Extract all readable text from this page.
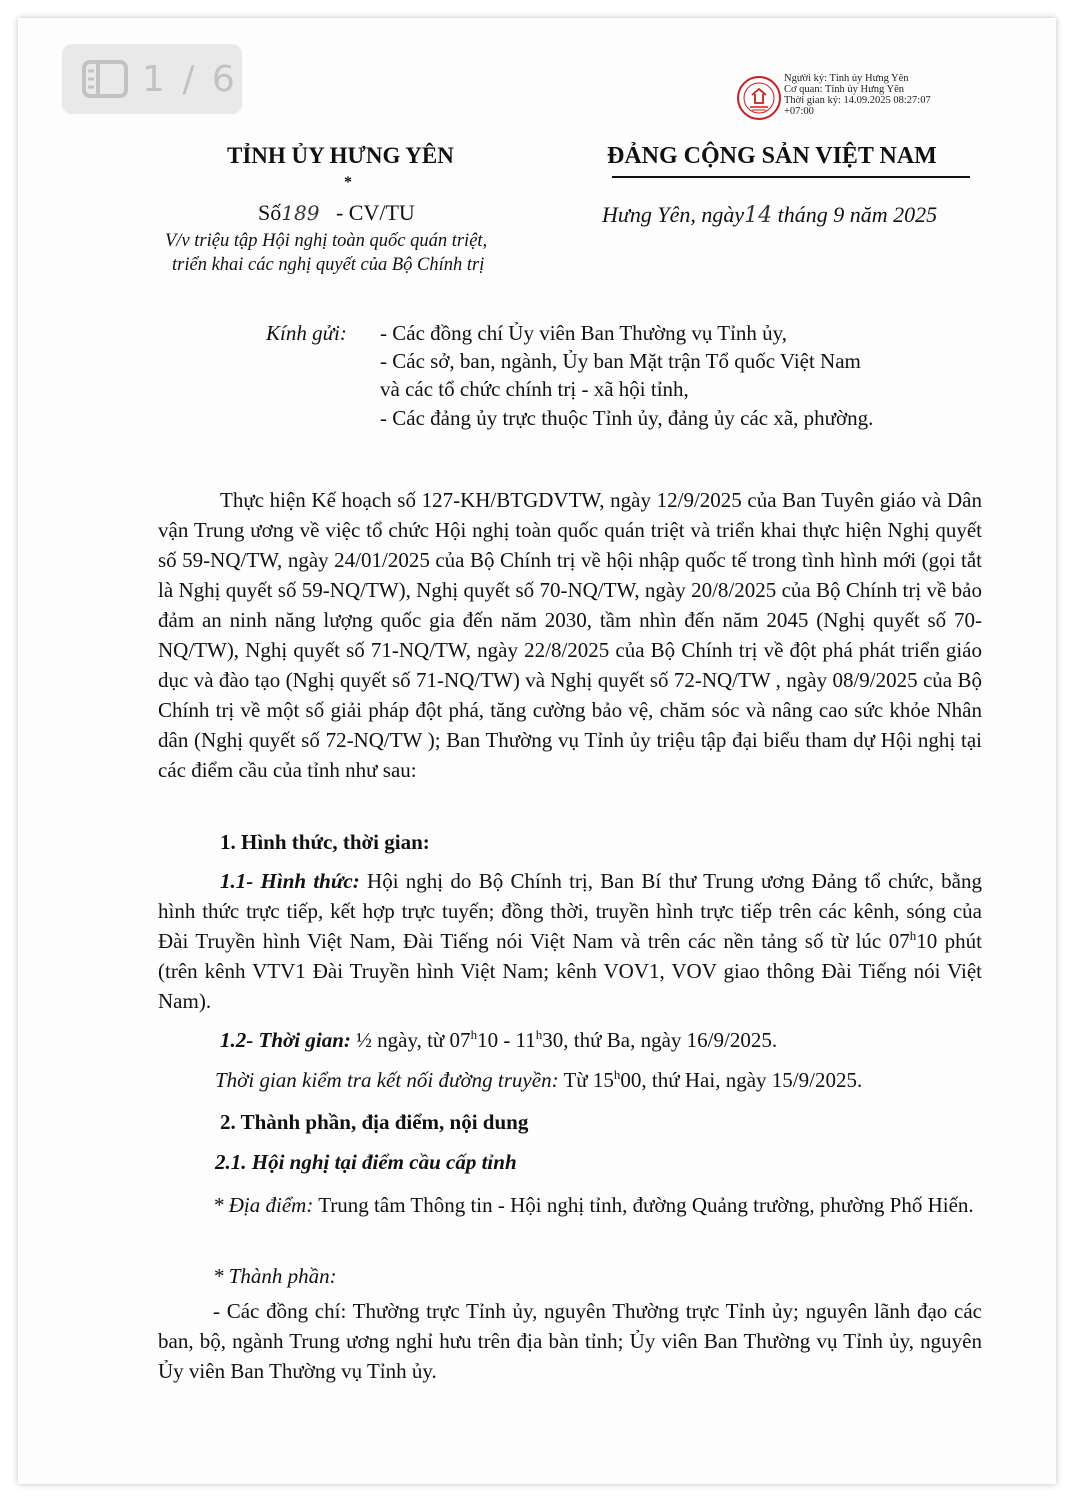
1 / 6	Người ký: Tỉnh ủy Hưng Yên
Cơ quan: Tỉnh ủy Hưng Yên
Thời gian ký: 14.09.2025 08:27:07
+07:00
TỈNH ỦY HƯNG YÊN
*
Số189 - CV/TU
V/v triệu tập Hội nghị toàn quốc quán triệt,
triển khai các nghị quyết của Bộ Chính trị
ĐẢNG CỘNG SẢN VIỆT NAM
Hưng Yên, ngày14 tháng 9 năm 2025
Kính gửi: - Các đồng chí Ủy viên Ban Thường vụ Tỉnh ủy,
- Các sở, ban, ngành, Ủy ban Mặt trận Tổ quốc Việt Nam
và các tổ chức chính trị - xã hội tỉnh,
- Các đảng ủy trực thuộc Tỉnh ủy, đảng ủy các xã, phường.
Thực hiện Kế hoạch số 127-KH/BTGDVTW, ngày 12/9/2025 của Ban Tuyên giáo và Dân vận Trung ương về việc tổ chức Hội nghị toàn quốc quán triệt và triển khai thực hiện Nghị quyết số 59-NQ/TW, ngày 24/01/2025 của Bộ Chính trị về hội nhập quốc tế trong tình hình mới (gọi tắt là Nghị quyết số 59-NQ/TW), Nghị quyết số 70-NQ/TW, ngày 20/8/2025 của Bộ Chính trị về bảo đảm an ninh năng lượng quốc gia đến năm 2030, tầm nhìn đến năm 2045 (Nghị quyết số 70-NQ/TW), Nghị quyết số 71-NQ/TW, ngày 22/8/2025 của Bộ Chính trị về đột phá phát triển giáo dục và đào tạo (Nghị quyết số 71-NQ/TW) và Nghị quyết số 72-NQ/TW , ngày 08/9/2025 của Bộ Chính trị về một số giải pháp đột phá, tăng cường bảo vệ, chăm sóc và nâng cao sức khỏe Nhân dân (Nghị quyết số 72-NQ/TW ); Ban Thường vụ Tỉnh ủy triệu tập đại biểu tham dự Hội nghị tại các điểm cầu của tỉnh như sau:
1. Hình thức, thời gian:
1.1- Hình thức: Hội nghị do Bộ Chính trị, Ban Bí thư Trung ương Đảng tổ chức, bằng hình thức trực tiếp, kết hợp trực tuyến; đồng thời, truyền hình trực tiếp trên các kênh, sóng của Đài Truyền hình Việt Nam, Đài Tiếng nói Việt Nam và trên các nền tảng số từ lúc 07$^h$10 phút (trên kênh VTV1 Đài Truyền hình Việt Nam; kênh VOV1, VOV giao thông Đài Tiếng nói Việt Nam).
1.2- Thời gian: ½ ngày, từ 07$^h$10 - 11$^h$30, thứ Ba, ngày 16/9/2025.
Thời gian kiểm tra kết nối đường truyền: Từ 15$^h$00, thứ Hai, ngày 15/9/2025.
2. Thành phần, địa điểm, nội dung
2.1. Hội nghị tại điểm cầu cấp tỉnh
* Địa điểm: Trung tâm Thông tin - Hội nghị tỉnh, đường Quảng trường, phường Phố Hiến.
* Thành phần:
- Các đồng chí: Thường trực Tỉnh ủy, nguyên Thường trực Tỉnh ủy; nguyên lãnh đạo các ban, bộ, ngành Trung ương nghỉ hưu trên địa bàn tỉnh; Ủy viên Ban Thường vụ Tỉnh ủy, nguyên Ủy viên Ban Thường vụ Tỉnh ủy.
